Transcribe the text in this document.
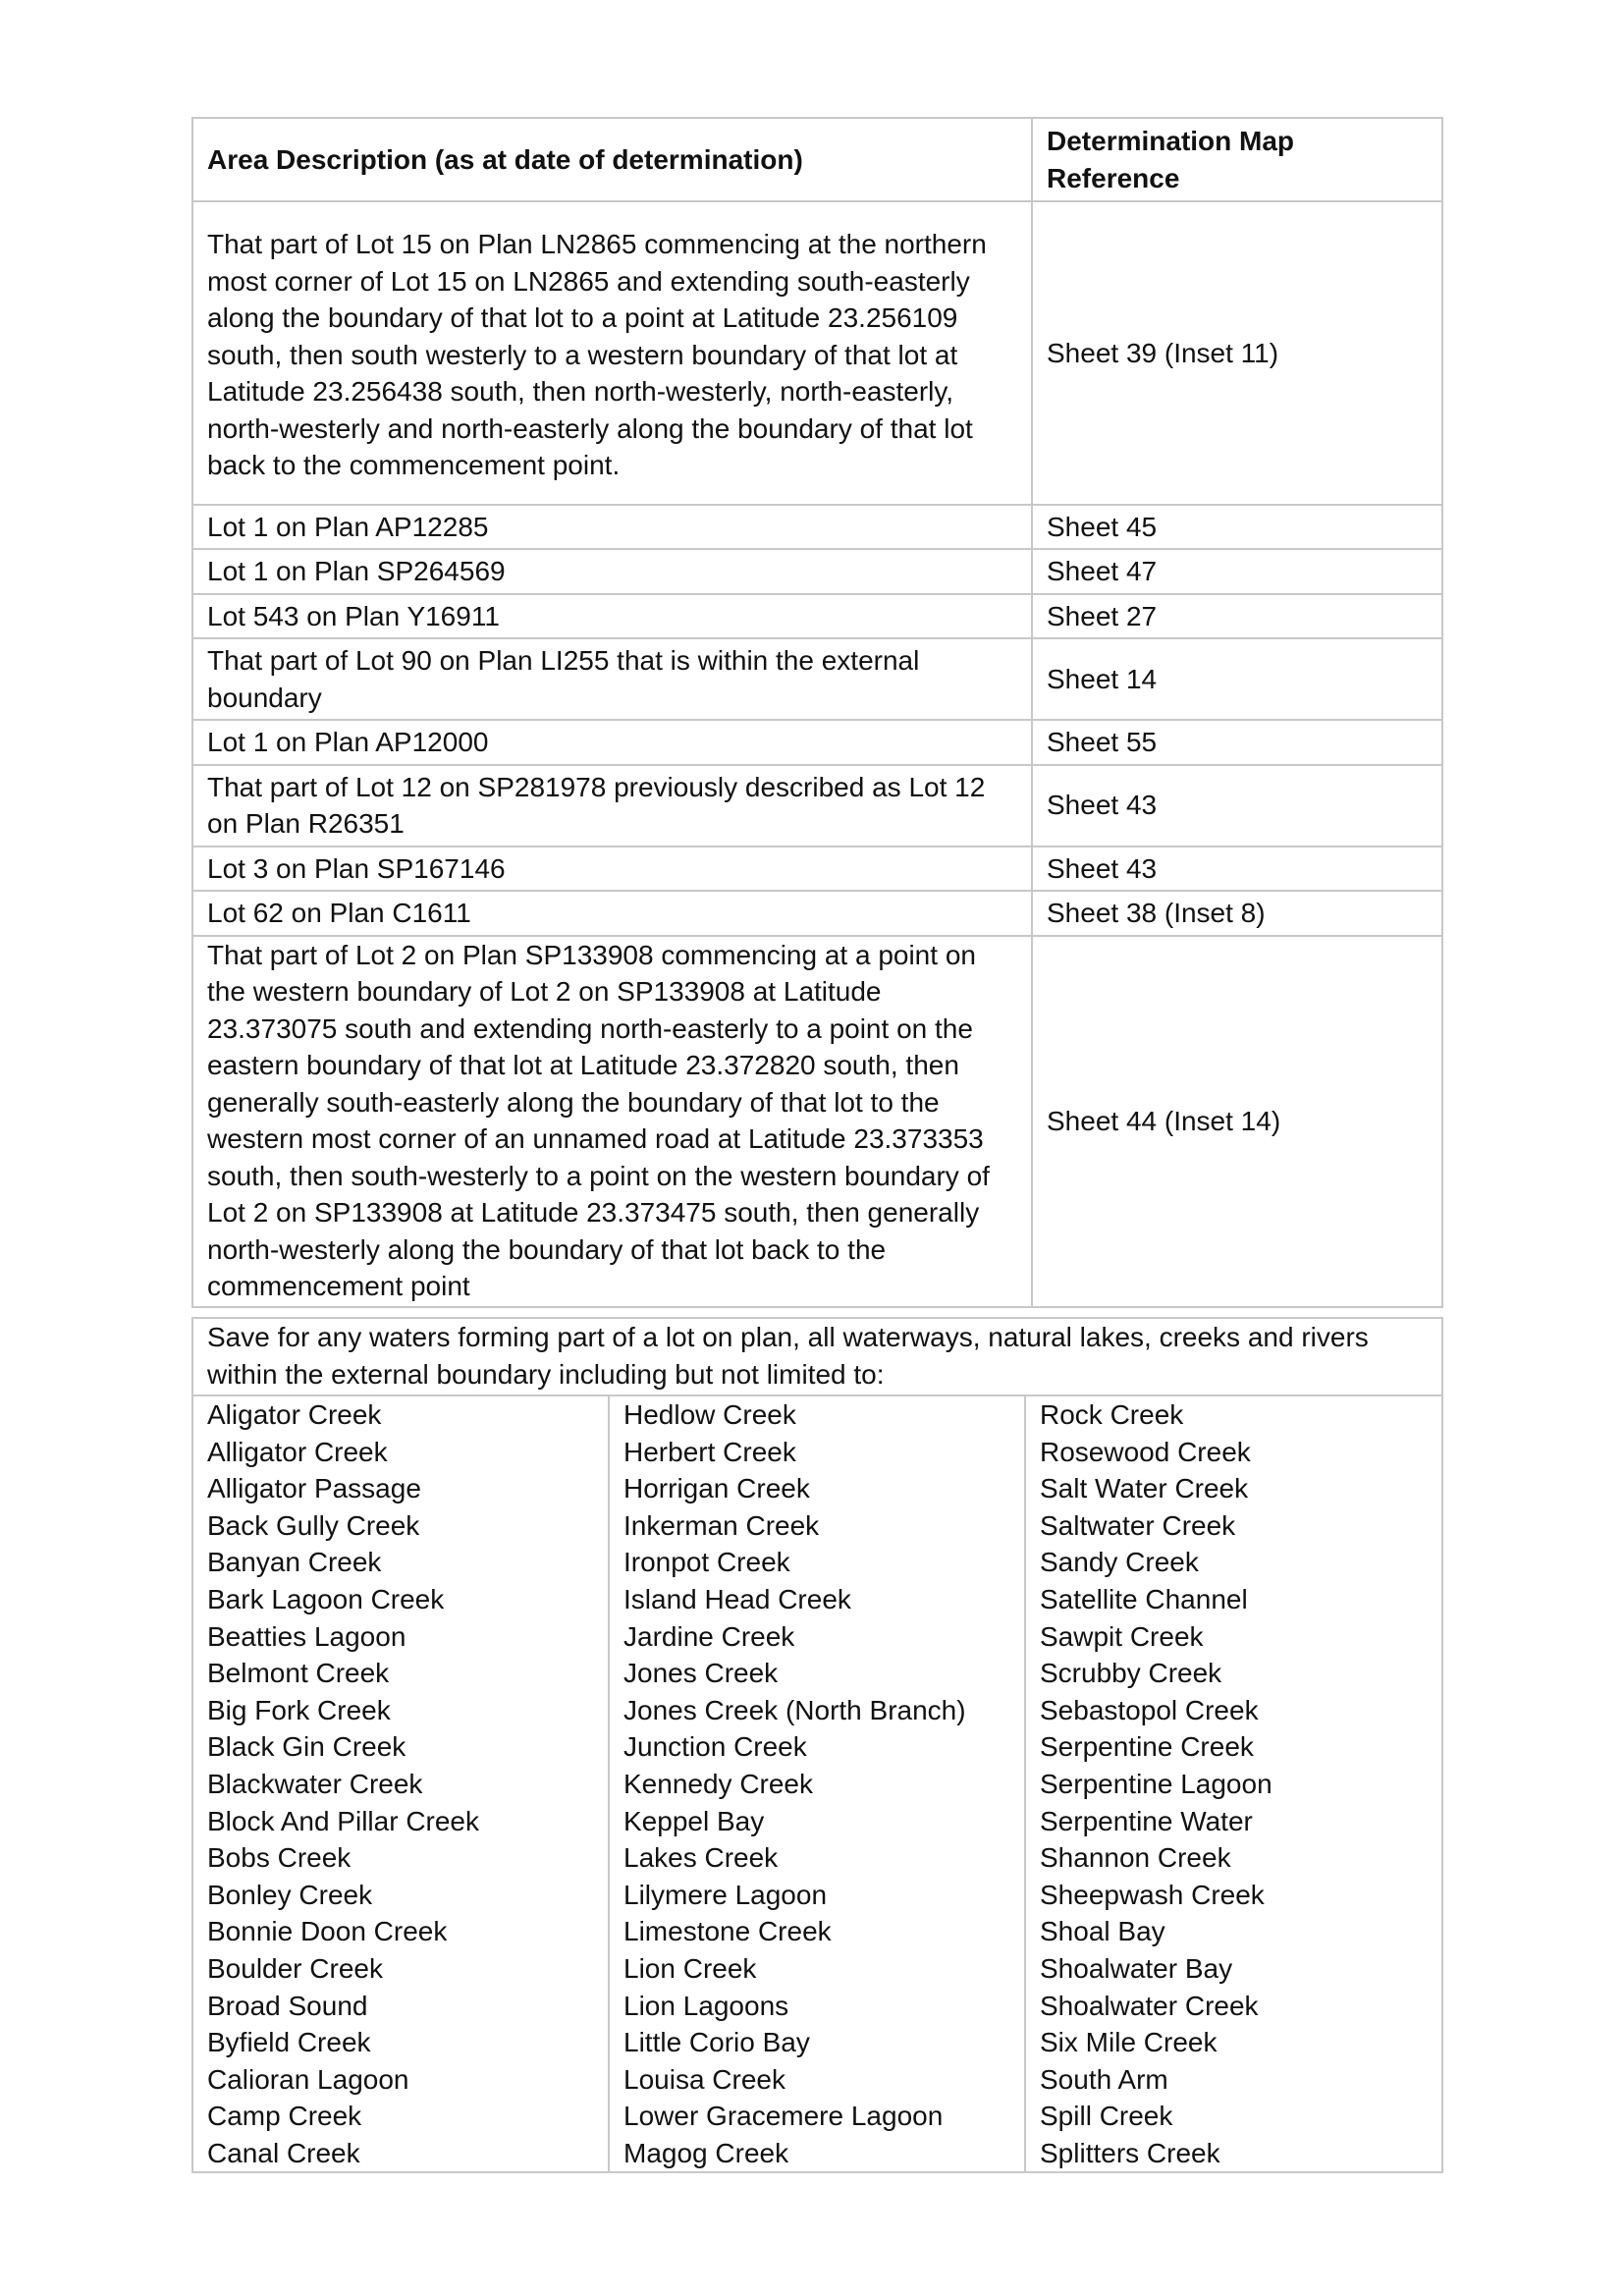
Area Description (as at date of determination)	Determination Map Reference
That part of Lot 15 on Plan LN2865 commencing at the northern most corner of Lot 15 on LN2865 and extending south-easterly along the boundary of that lot to a point at Latitude 23.256109 south, then south westerly to a western boundary of that lot at Latitude 23.256438 south, then north-westerly, north-easterly, north-westerly and north-easterly along the boundary of that lot back to the commencement point.	Sheet 39 (Inset 11)
Lot 1 on Plan AP12285	Sheet 45
Lot 1 on Plan SP264569	Sheet 47
Lot 543 on Plan Y16911	Sheet 27
That part of Lot 90 on Plan LI255 that is within the external boundary	Sheet 14
Lot 1 on Plan AP12000	Sheet 55
That part of Lot 12 on SP281978 previously described as Lot 12 on Plan R26351	Sheet 43
Lot 3 on Plan SP167146	Sheet 43
Lot 62 on Plan C1611	Sheet 38 (Inset 8)
That part of Lot 2 on Plan SP133908 commencing at a point on the western boundary of Lot 2 on SP133908 at Latitude 23.373075 south and extending north-easterly to a point on the eastern boundary of that lot at Latitude 23.372820 south, then generally south-easterly along the boundary of that lot to the western most corner of an unnamed road at Latitude 23.373353 south, then south-westerly to a point on the western boundary of Lot 2 on SP133908 at Latitude 23.373475 south, then generally north-westerly along the boundary of that lot back to the commencement point	Sheet 44 (Inset 14)
Save for any waters forming part of a lot on plan, all waterways, natural lakes, creeks and rivers within the external boundary including but not limited to:

Aligator Creek
Alligator Creek
Alligator Passage
Back Gully Creek
Banyan Creek
Bark Lagoon Creek
Beatties Lagoon
Belmont Creek
Big Fork Creek
Black Gin Creek
Blackwater Creek
Block And Pillar Creek
Bobs Creek
Bonley Creek
Bonnie Doon Creek
Boulder Creek
Broad Sound
Byfield Creek
Calioran Lagoon
Camp Creek
Canal Creek

Hedlow Creek
Herbert Creek
Horrigan Creek
Inkerman Creek
Ironpot Creek
Island Head Creek
Jardine Creek
Jones Creek
Jones Creek (North Branch)
Junction Creek
Kennedy Creek
Keppel Bay
Lakes Creek
Lilymere Lagoon
Limestone Creek
Lion Creek
Lion Lagoons
Little Corio Bay
Louisa Creek
Lower Gracemere Lagoon
Magog Creek

Rock Creek
Rosewood Creek
Salt Water Creek
Saltwater Creek
Sandy Creek
Satellite Channel
Sawpit Creek
Scrubby Creek
Sebastopol Creek
Serpentine Creek
Serpentine Lagoon
Serpentine Water
Shannon Creek
Sheepwash Creek
Shoal Bay
Shoalwater Bay
Shoalwater Creek
Six Mile Creek
South Arm
Spill Creek
Splitters Creek
